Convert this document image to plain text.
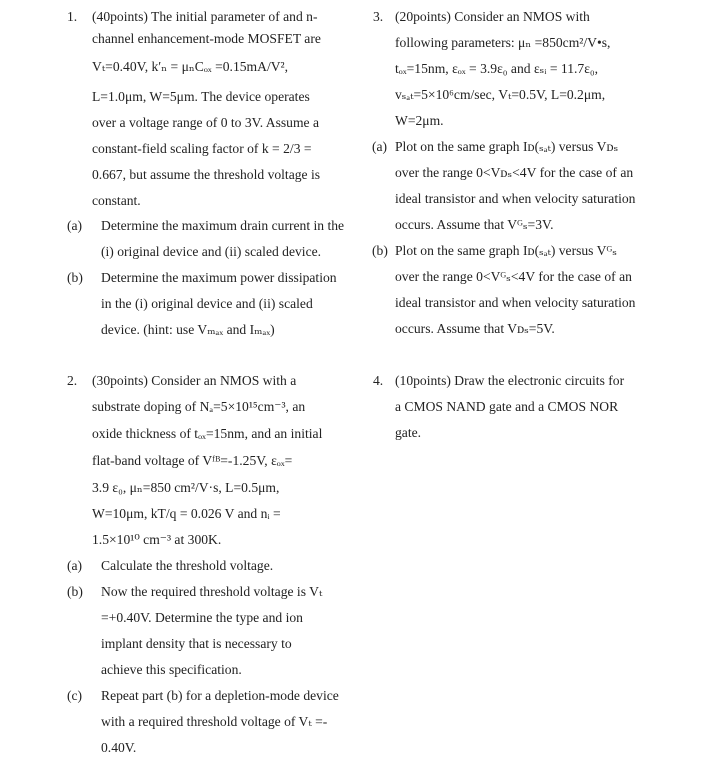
1. (40points) The initial parameter of and n-
channel enhancement-mode MOSFET are
Vₜ=0.40V, k′ₙ = μₙCₒₓ =0.15mA/V²,
L=1.0μm, W=5μm. The device operates
over a voltage range of 0 to 3V. Assume a
constant-field scaling factor of k = 2/3 =
0.667, but assume the threshold voltage is
constant.
(a) Determine the maximum drain current in the
(i) original device and (ii) scaled device.
(b) Determine the maximum power dissipation
in the (i) original device and (ii) scaled
device. (hint: use Vₘₐₓ and Iₘₐₓ)
2. (30points) Consider an NMOS with a
substrate doping of Nₐ=5×10¹⁵cm⁻³, an
oxide thickness of tₒₓ=15nm, and an initial
flat-band voltage of Vᶠᴮ=-1.25V, εₒₓ=
3.9 ε₀, μₙ=850 cm²/V·s, L=0.5μm,
W=10μm, kT/q = 0.026 V and nᵢ =
1.5×10¹⁰ cm⁻³ at 300K.
(a) Calculate the threshold voltage.
(b) Now the required threshold voltage is Vₜ
=+0.40V. Determine the type and ion
implant density that is necessary to
achieve this specification.
(c) Repeat part (b) for a depletion-mode device
with a required threshold voltage of Vₜ =-
0.40V.
3. (20points) Consider an NMOS with
following parameters: μₙ =850cm²/V•s,
tₒₓ=15nm, εₒₓ = 3.9ε₀ and εₛᵢ = 11.7ε₀,
vₛₐₜ=5×10⁶cm/sec, Vₜ=0.5V, L=0.2μm,
W=2μm.
(a) Plot on the same graph Iᴅ(ₛₐₜ) versus Vᴅₛ
over the range 0<Vᴅₛ<4V for the case of an
ideal transistor and when velocity saturation
occurs. Assume that Vᴳₛ=3V.
(b) Plot on the same graph Iᴅ(ₛₐₜ) versus Vᴳₛ
over the range 0<Vᴳₛ<4V for the case of an
ideal transistor and when velocity saturation
occurs. Assume that Vᴅₛ=5V.
4. (10points) Draw the electronic circuits for
a CMOS NAND gate and a CMOS NOR
gate.
